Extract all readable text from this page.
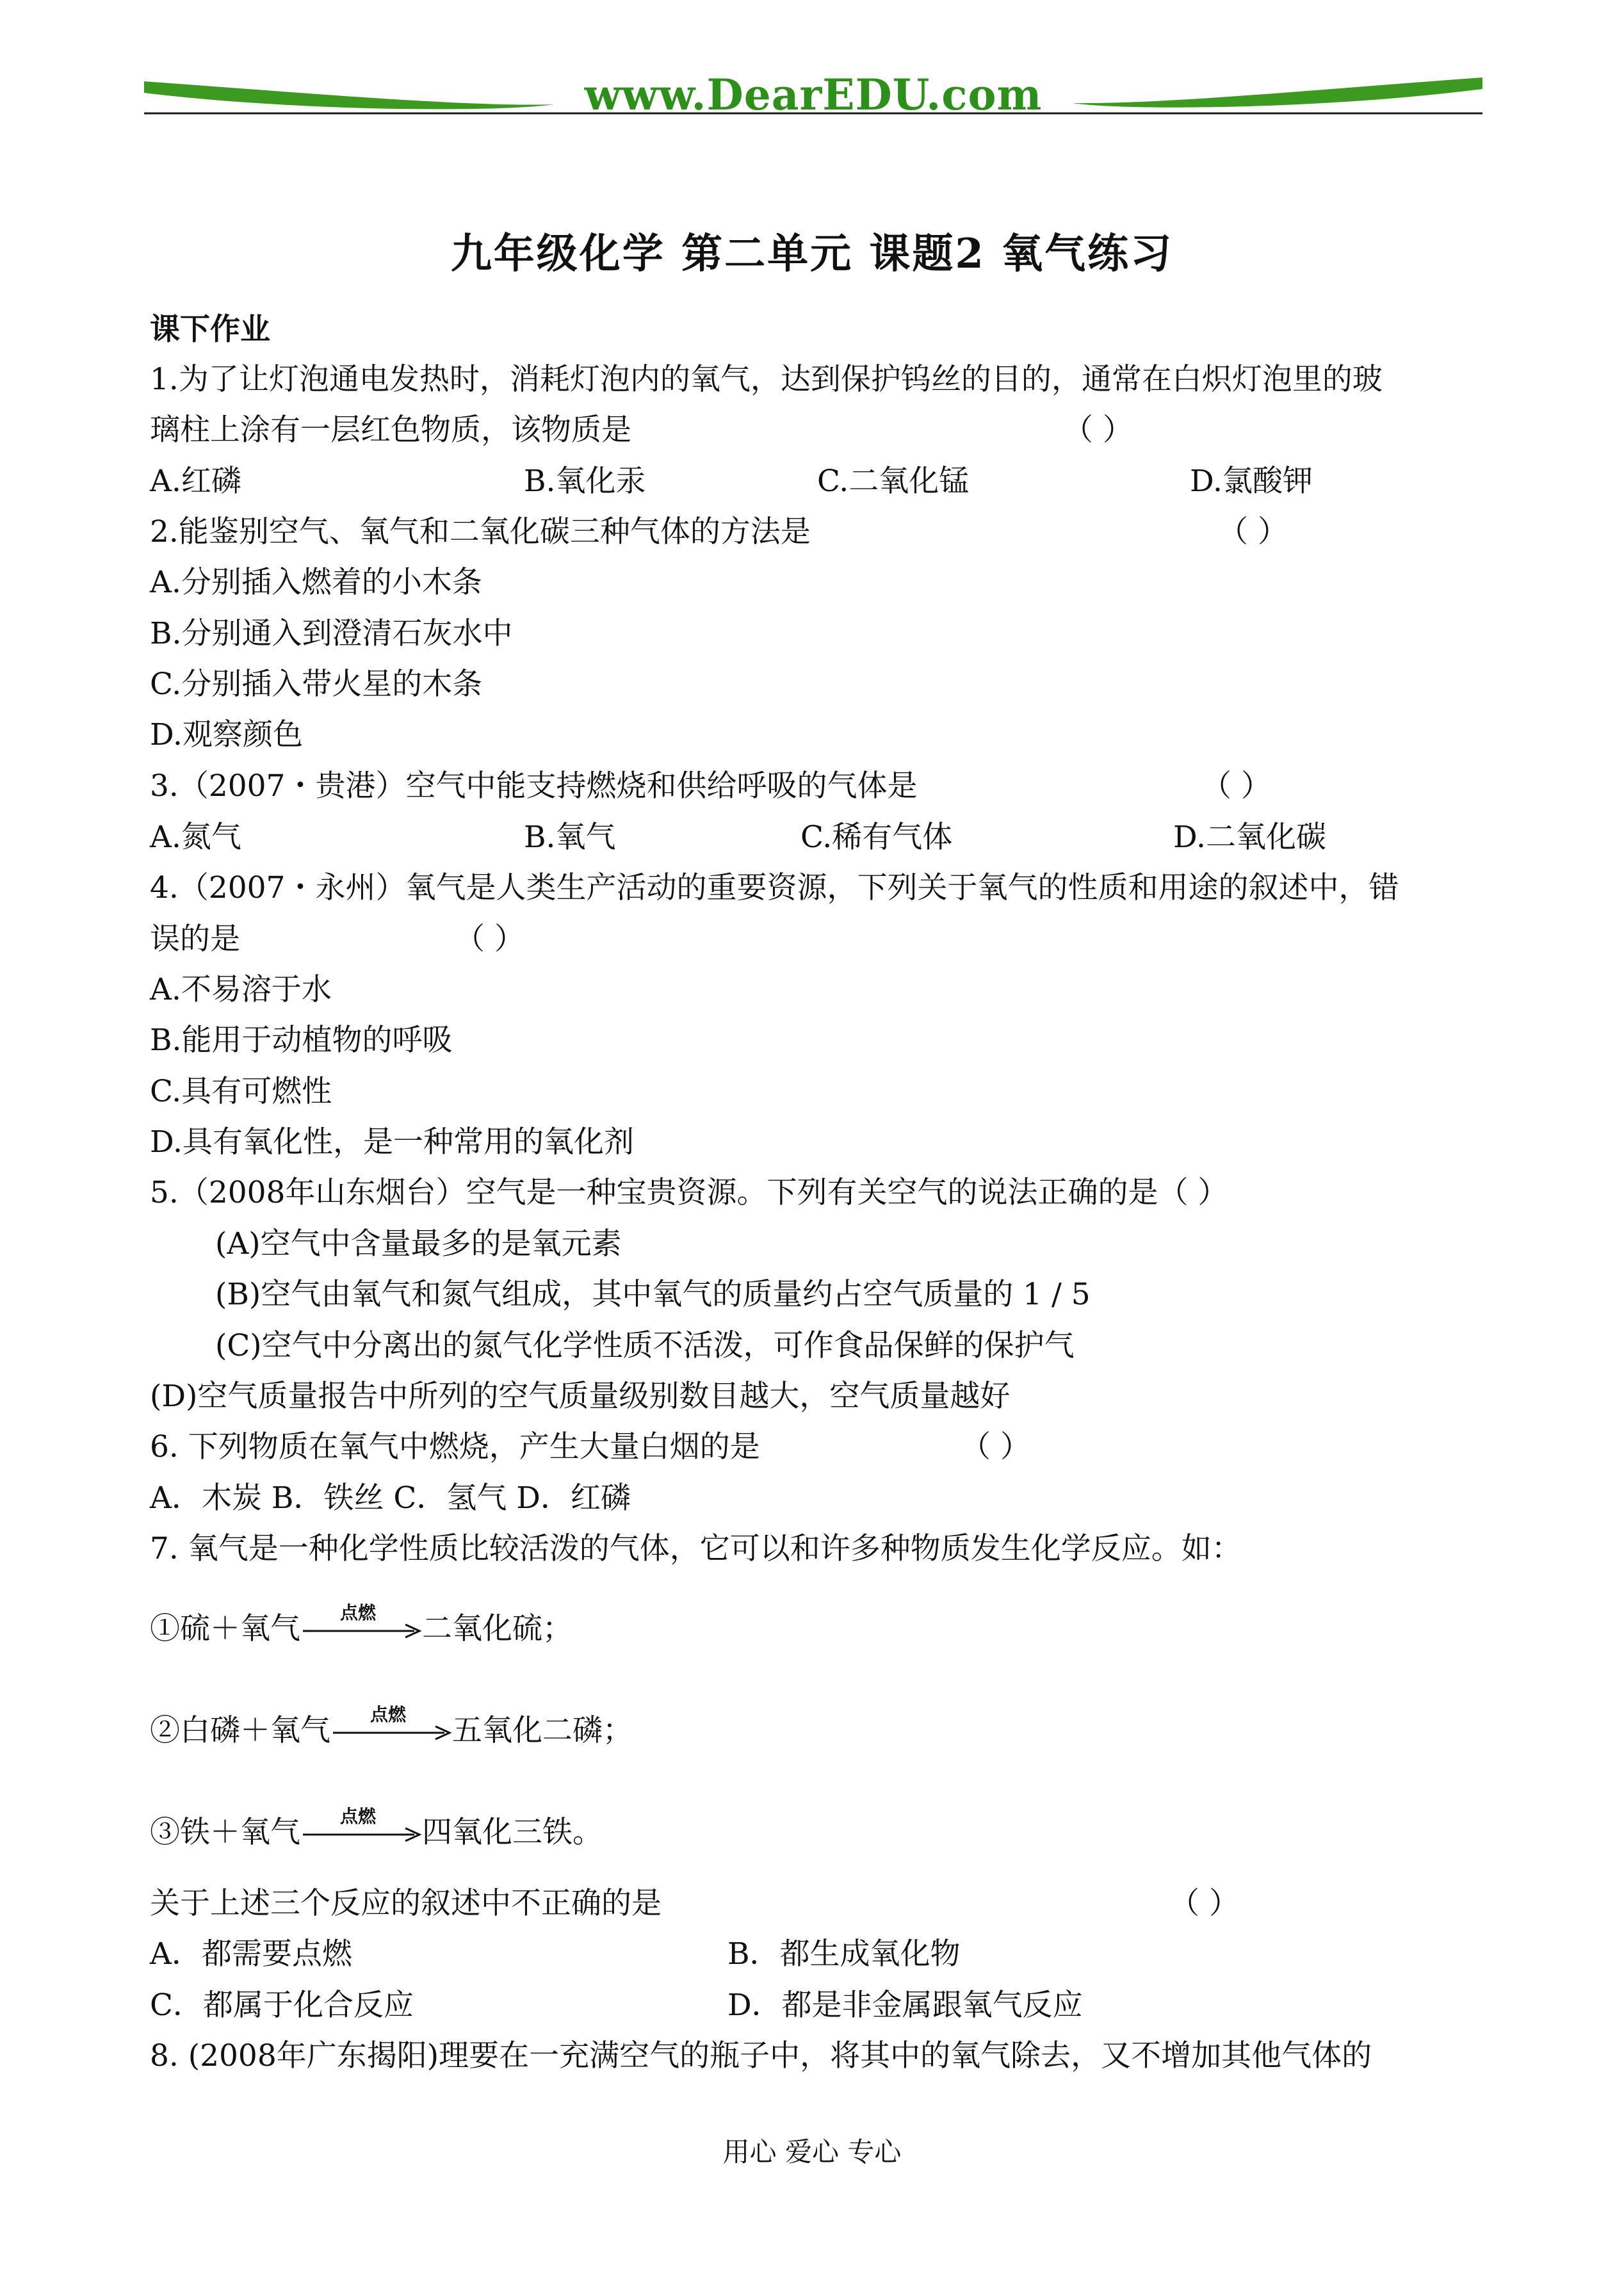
www.DearEDU.com
九年级化学 第二单元 课题2 氧气练习
课下作业
1.为了让灯泡通电发热时，消耗灯泡内的氧气，达到保护钨丝的目的，通常在白炽灯泡里的玻
璃柱上涂有一层红色物质，该物质是	（ ）
A.红磷	B.氧化汞	C.二氧化锰	D.氯酸钾
2.能鉴别空气、氧气和二氧化碳三种气体的方法是	（ ）
A.分别插入燃着的小木条
B.分别通入到澄清石灰水中
C.分别插入带火星的木条
D.观察颜色
3.（2007・贵港）空气中能支持燃烧和供给呼吸的气体是	（ ）
A.氮气	B.氧气	C.稀有气体	D.二氧化碳
4.（2007・永州）氧气是人类生产活动的重要资源，下列关于氧气的性质和用途的叙述中，错
误的是	（ ）
A.不易溶于水
B.能用于动植物的呼吸
C.具有可燃性
D.具有氧化性，是一种常用的氧化剂
5.（2008年山东烟台）空气是一种宝贵资源。下列有关空气的说法正确的是（ ）
(A)空气中含量最多的是氧元素
(B)空气由氧气和氮气组成，其中氧气的质量约占空气质量的 1 / 5
(C)空气中分离出的氮气化学性质不活泼，可作食品保鲜的保护气
(D)空气质量报告中所列的空气质量级别数目越大，空气质量越好
6. 下列物质在氧气中燃烧，产生大量白烟的是	（ ）
A．木炭 B．铁丝 C．氢气 D．红磷
7. 氧气是一种化学性质比较活泼的气体，它可以和许多种物质发生化学反应。如：
①硫＋氧气	点燃	二氧化硫；
②白磷＋氧气	点燃	五氧化二磷；
③铁＋氧气	点燃	四氧化三铁。
关于上述三个反应的叙述中不正确的是	（ ）
A．都需要点燃	B．都生成氧化物
C．都属于化合反应	D．都是非金属跟氧气反应
8. (2008年广东揭阳)理要在一充满空气的瓶子中，将其中的氧气除去，又不增加其他气体的
用心 爱心 专心
